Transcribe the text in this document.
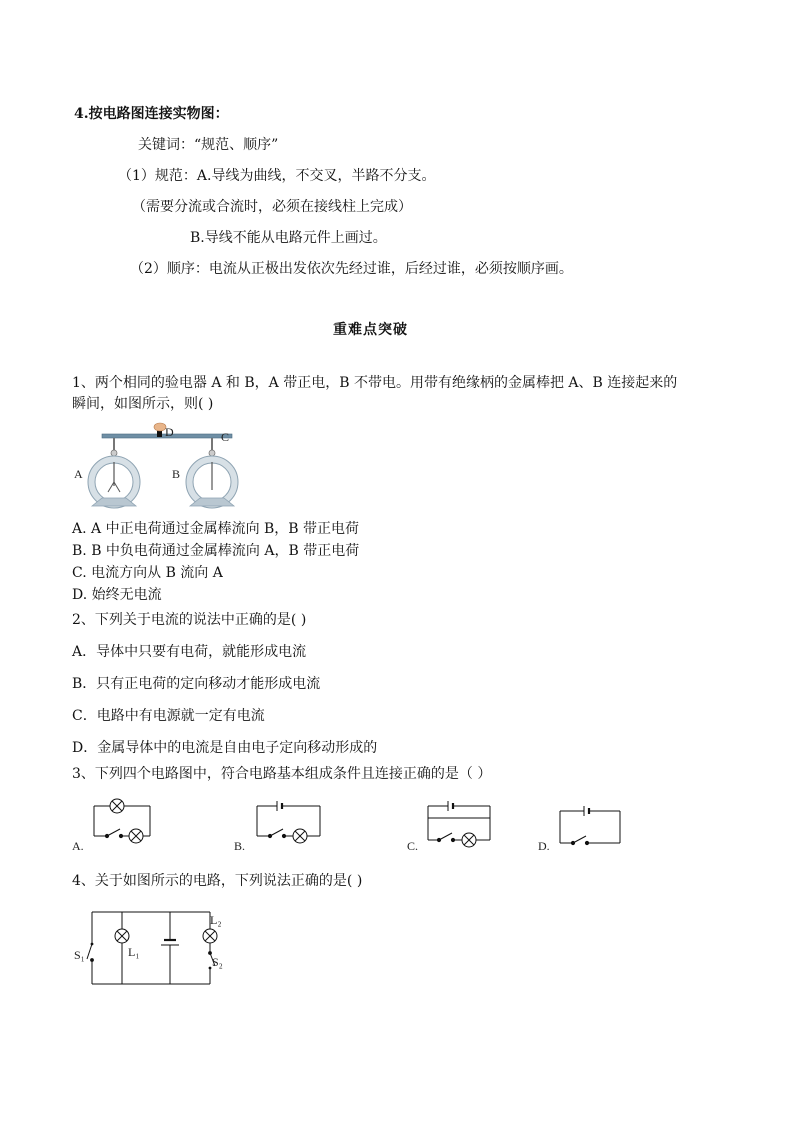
4.按电路图连接实物图：
关键词：“规范、顺序”
（1）规范：A.导线为曲线，不交叉，半路不分支。
（需要分流或合流时，必须在接线柱上完成）
B.导线不能从电路元件上画过。
（2）顺序：电流从正极出发依次先经过谁，后经过谁，必须按顺序画。
重难点突破
1、两个相同的验电器 A 和 B，A 带正电，B 不带电。用带有绝缘柄的金属棒把 A、B 连接起来的
瞬间，如图所示，则( )
D	C
A	B
A. A 中正电荷通过金属棒流向 B，B 带正电荷
B. B 中负电荷通过金属棒流向 A，B 带正电荷
C. 电流方向从 B 流向 A
D. 始终无电流
2、下列关于电流的说法中正确的是( )
A．导体中只要有电荷，就能形成电流
B．只有正电荷的定向移动才能形成电流
C．电路中有电源就一定有电流
D．金属导体中的电流是自由电子定向移动形成的
3、下列四个电路图中，符合电路基本组成条件且连接正确的是（ ）
A.	B.	C.	D.
4、关于如图所示的电路，下列说法正确的是( )
S₁	L₁
L₂
S₂
